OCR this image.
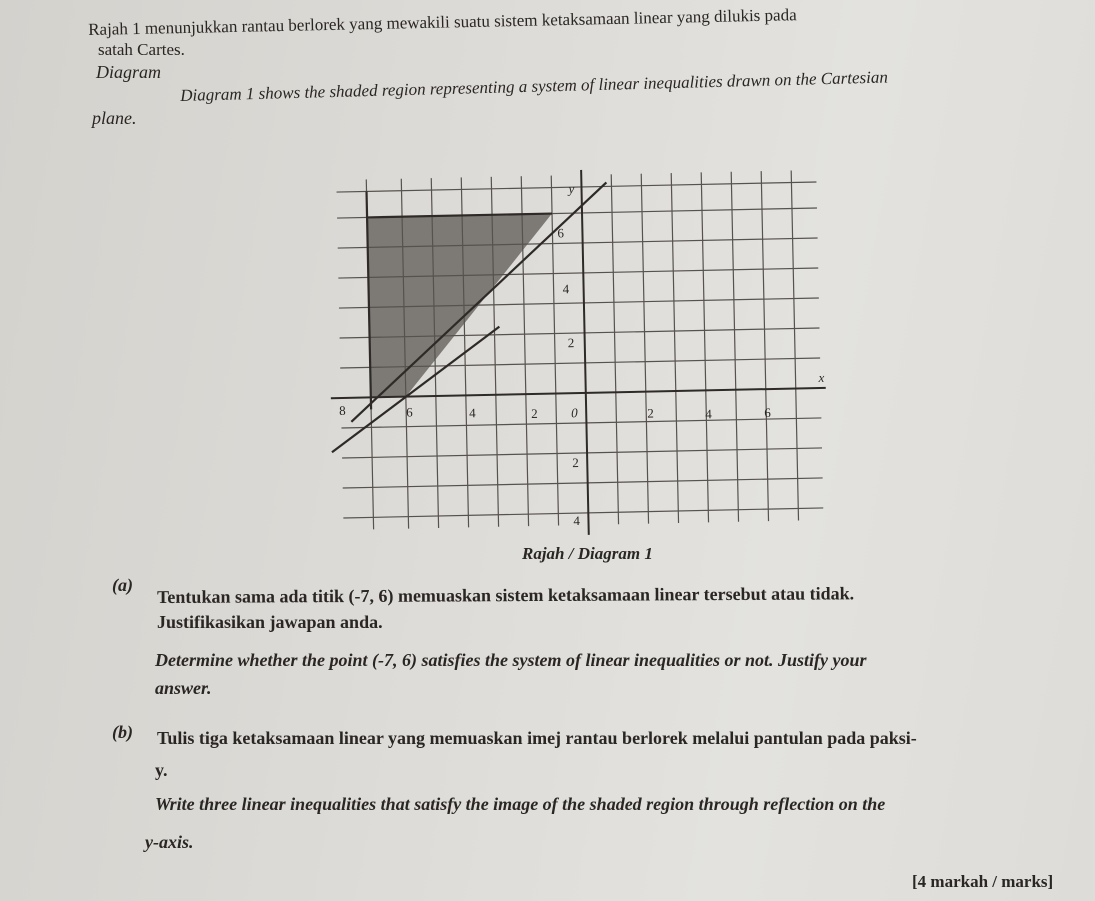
Rajah 1 menunjukkan rantau berlorek yang mewakili suatu sistem ketaksamaan linear yang dilukis pada
satah Cartes.
Diagram Diagram 1 shows the shaded region representing a system of linear inequalities drawn on the Cartesian
plane.
y
x
8	6	4	2	0	2	4	6
6
4
2
2
4
Rajah / Diagram 1
(a) Tentukan sama ada titik (-7, 6) memuaskan sistem ketaksamaan linear tersebut atau tidak.
Justifikasikan jawapan anda.
Determine whether the point (-7, 6) satisfies the system of linear inequalities or not. Justify your
answer.
(b) Tulis tiga ketaksamaan linear yang memuaskan imej rantau berlorek melalui pantulan pada paksi-
y.
Write three linear inequalities that satisfy the image of the shaded region through reflection on the
y-axis.
[4 markah / marks]
